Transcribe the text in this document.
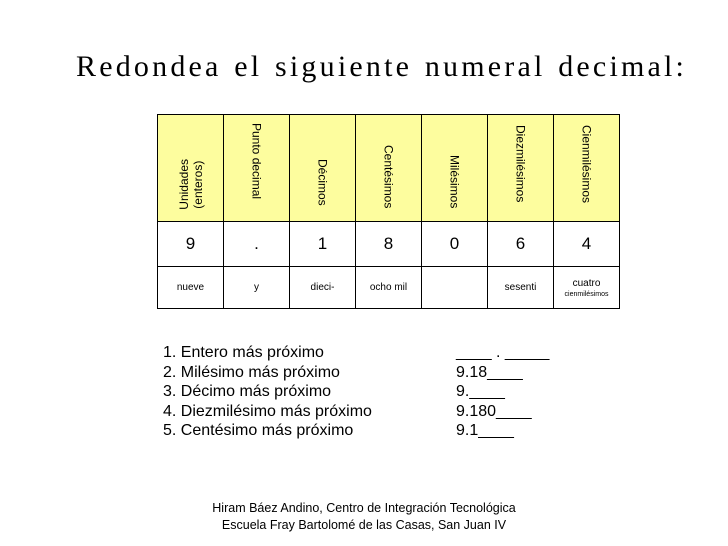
Redondea el siguiente numeral decimal:
Unidades
(enteros)	Punto decimal	Décimos	Centésimos	Milésimos	Diezmilésimos	Cienmilésimos

9	.	1	8	0	6	4
nueve	y	dieci-	ocho mil		sesenti	cuatro
cienmilésimos
1. Entero más próximo	____ . _____
2. Milésimo más próximo	9.18____
3. Décimo más próximo	9.____
4. Diezmilésimo más próximo	9.180____
5. Centésimo más próximo	9.1____
Hiram Báez Andino, Centro de Integración Tecnológica
Escuela Fray Bartolomé de las Casas, San Juan IV
